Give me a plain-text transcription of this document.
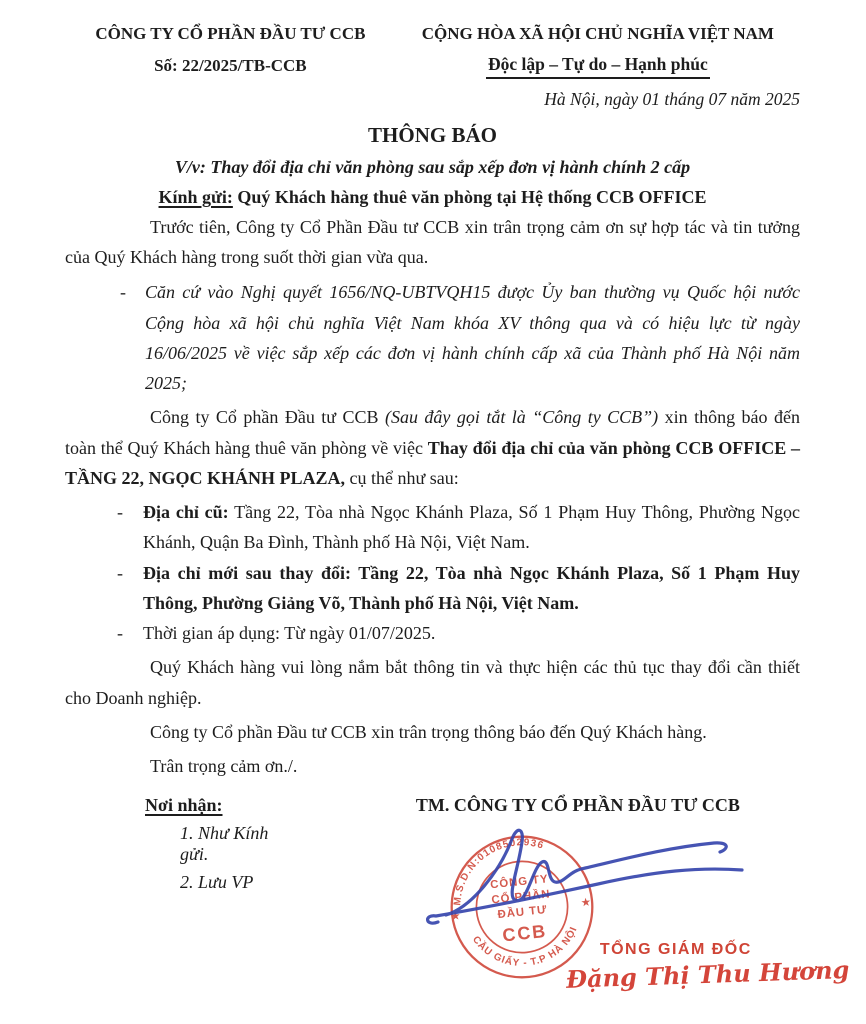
CÔNG TY CỔ PHẦN ĐẦU TƯ CCB
Số: 22/2025/TB-CCB
CỘNG HÒA XÃ HỘI CHỦ NGHĨA VIỆT NAM
Độc lập – Tự do – Hạnh phúc
Hà Nội, ngày 01 tháng 07 năm 2025
THÔNG BÁO
V/v: Thay đổi địa chỉ văn phòng sau sắp xếp đơn vị hành chính 2 cấp
Kính gửi: Quý Khách hàng thuê văn phòng tại Hệ thống CCB OFFICE

Trước tiên, Công ty Cổ Phần Đầu tư CCB xin trân trọng cảm ơn sự hợp tác và tin tưởng của Quý Khách hàng trong suốt thời gian vừa qua.

- Căn cứ vào Nghị quyết 1656/NQ-UBTVQH15 được Ủy ban thường vụ Quốc hội nước Cộng hòa xã hội chủ nghĩa Việt Nam khóa XV thông qua và có hiệu lực từ ngày 16/06/2025 về việc sắp xếp các đơn vị hành chính cấp xã của Thành phố Hà Nội năm 2025;

Công ty Cổ phần Đầu tư CCB (Sau đây gọi tắt là “Công ty CCB”) xin thông báo đến toàn thể Quý Khách hàng thuê văn phòng về việc Thay đổi địa chỉ của văn phòng CCB OFFICE – TẦNG 22, NGỌC KHÁNH PLAZA, cụ thể như sau:

- Địa chỉ cũ: Tầng 22, Tòa nhà Ngọc Khánh Plaza, Số 1 Phạm Huy Thông, Phường Ngọc Khánh, Quận Ba Đình, Thành phố Hà Nội, Việt Nam.
- Địa chỉ mới sau thay đổi: Tầng 22, Tòa nhà Ngọc Khánh Plaza, Số 1 Phạm Huy Thông, Phường Giảng Võ, Thành phố Hà Nội, Việt Nam.
- Thời gian áp dụng: Từ ngày 01/07/2025.

Quý Khách hàng vui lòng nắm bắt thông tin và thực hiện các thủ tục thay đổi cần thiết cho Doanh nghiệp.

Công ty Cổ phần Đầu tư CCB xin trân trọng thông báo đến Quý Khách hàng.

Trân trọng cảm ơn./.

Nơi nhận:
1. Như Kính gửi.
2. Lưu VP
TM. CÔNG TY CỔ PHẦN ĐẦU TƯ CCB
M.S.D.N:0108502936
CẦU GIẤY - T.P HÀ NỘI
★
★
CÔNG TY
CỔ PHẦN
ĐẦU TƯ
CCB
TỔNG GIÁM ĐỐC
Đặng Thị Thu Hương
